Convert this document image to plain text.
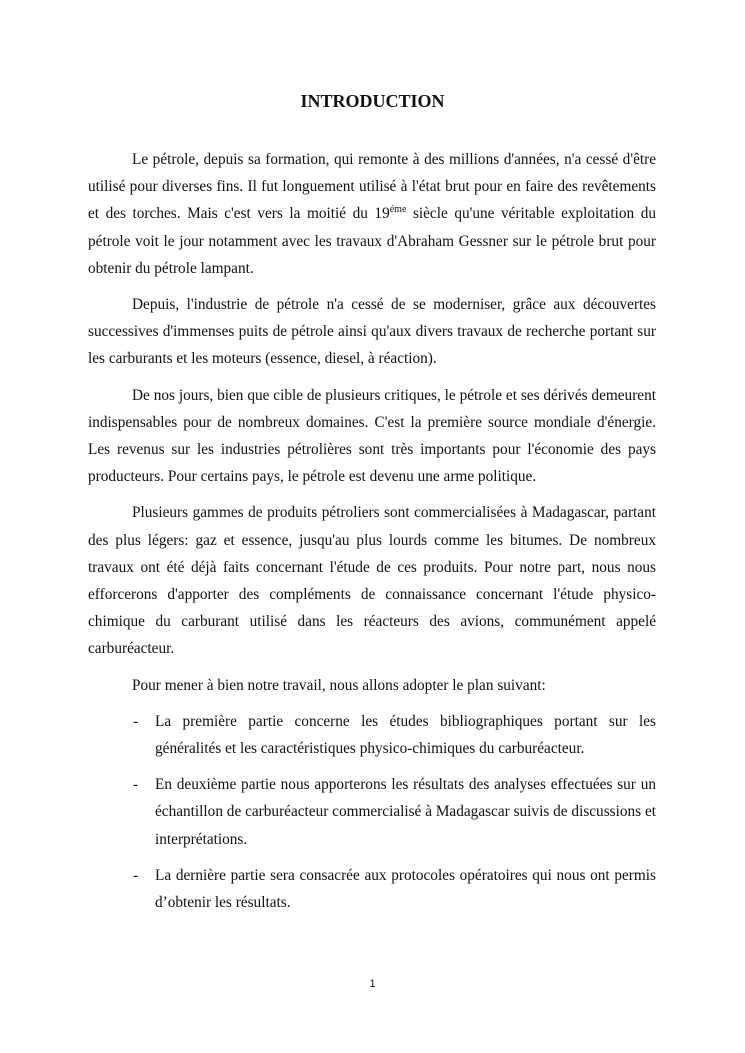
INTRODUCTION

Le pétrole, depuis sa formation, qui remonte à des millions d'années, n'a cessé d'être utilisé pour diverses fins. Il fut longuement utilisé à l'état brut pour en faire des revêtements et des torches. Mais c'est vers la moitié du $19^{éme}$ siècle qu'une véritable exploitation du pétrole voit le jour notamment avec les travaux d'Abraham Gessner sur le pétrole brut pour obtenir du pétrole lampant.

Depuis, l'industrie de pétrole n'a cessé de se moderniser, grâce aux découvertes successives d'immenses puits de pétrole ainsi qu'aux divers travaux de recherche portant sur les carburants et les moteurs (essence, diesel, à réaction).

De nos jours, bien que cible de plusieurs critiques, le pétrole et ses dérivés demeurent indispensables pour de nombreux domaines. C'est la première source mondiale d'énergie. Les revenus sur les industries pétrolières sont très importants pour l'économie des pays producteurs. Pour certains pays, le pétrole est devenu une arme politique.

Plusieurs gammes de produits pétroliers sont commercialisées à Madagascar, partant des plus légers: gaz et essence, jusqu'au plus lourds comme les bitumes. De nombreux travaux ont été déjà faits concernant l'étude de ces produits. Pour notre part, nous nous efforcerons d'apporter des compléments de connaissance concernant l'étude physico-chimique du carburant utilisé dans les réacteurs des avions, communément appelé carburéacteur.

Pour mener à bien notre travail, nous allons adopter le plan suivant:

- La première partie concerne les études bibliographiques portant sur les généralités et les caractéristiques physico-chimiques du carburéacteur.
- En deuxième partie nous apporterons les résultats des analyses effectuées sur un échantillon de carburéacteur commercialisé à Madagascar suivis de discussions et interprétations.
- La dernière partie sera consacrée aux protocoles opératoires qui nous ont permis d’obtenir les résultats.
1
